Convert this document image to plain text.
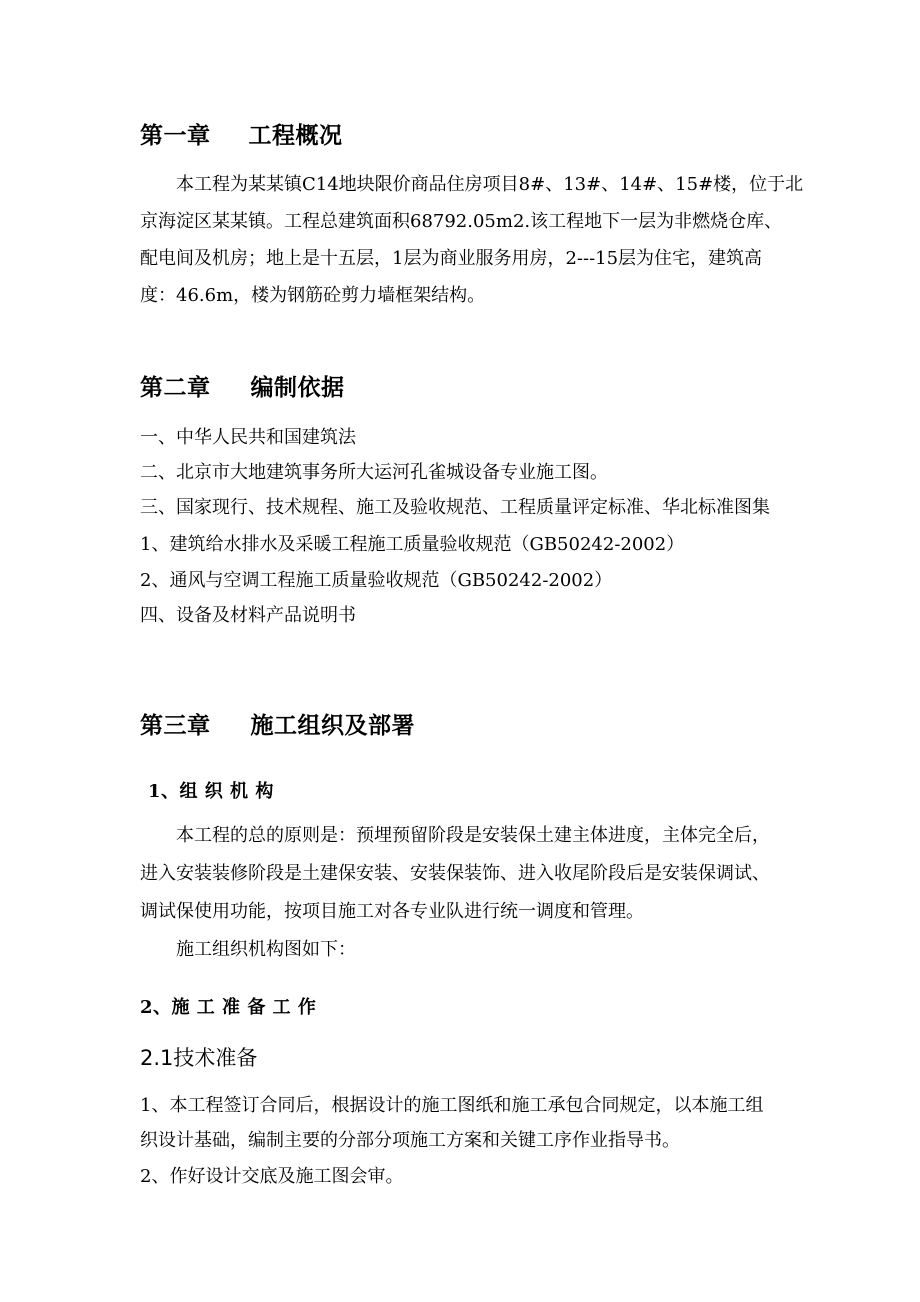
第一章 工程概况
本工程为某某镇C14地块限价商品住房项目8#、13#、14#、15#楼，位于北
京海淀区某某镇。工程总建筑面积68792.05m2.该工程地下一层为非燃烧仓库、
配电间及机房；地上是十五层，1层为商业服务用房，2---15层为住宅，建筑高
度：46.6m，楼为钢筋砼剪力墙框架结构。
第二章 编制依据
一、中华人民共和国建筑法
二、北京市大地建筑事务所大运河孔雀城设备专业施工图。
三、国家现行、技术规程、施工及验收规范、工程质量评定标准、华北标准图集
1、建筑给水排水及采暖工程施工质量验收规范（GB50242-2002）
2、通风与空调工程施工质量验收规范（GB50242-2002）
四、设备及材料产品说明书
第三章 施工组织及部署
1、组 织 机 构
本工程的总的原则是：预埋预留阶段是安装保土建主体进度，主体完全后，
进入安装装修阶段是土建保安装、安装保装饰、进入收尾阶段后是安装保调试、
调试保使用功能，按项目施工对各专业队进行统一调度和管理。
施工组织机构图如下：
2、施 工 准 备 工 作
2.1技术准备
1、本工程签订合同后，根据设计的施工图纸和施工承包合同规定，以本施工组
织设计基础，编制主要的分部分项施工方案和关键工序作业指导书。
2、作好设计交底及施工图会审。
